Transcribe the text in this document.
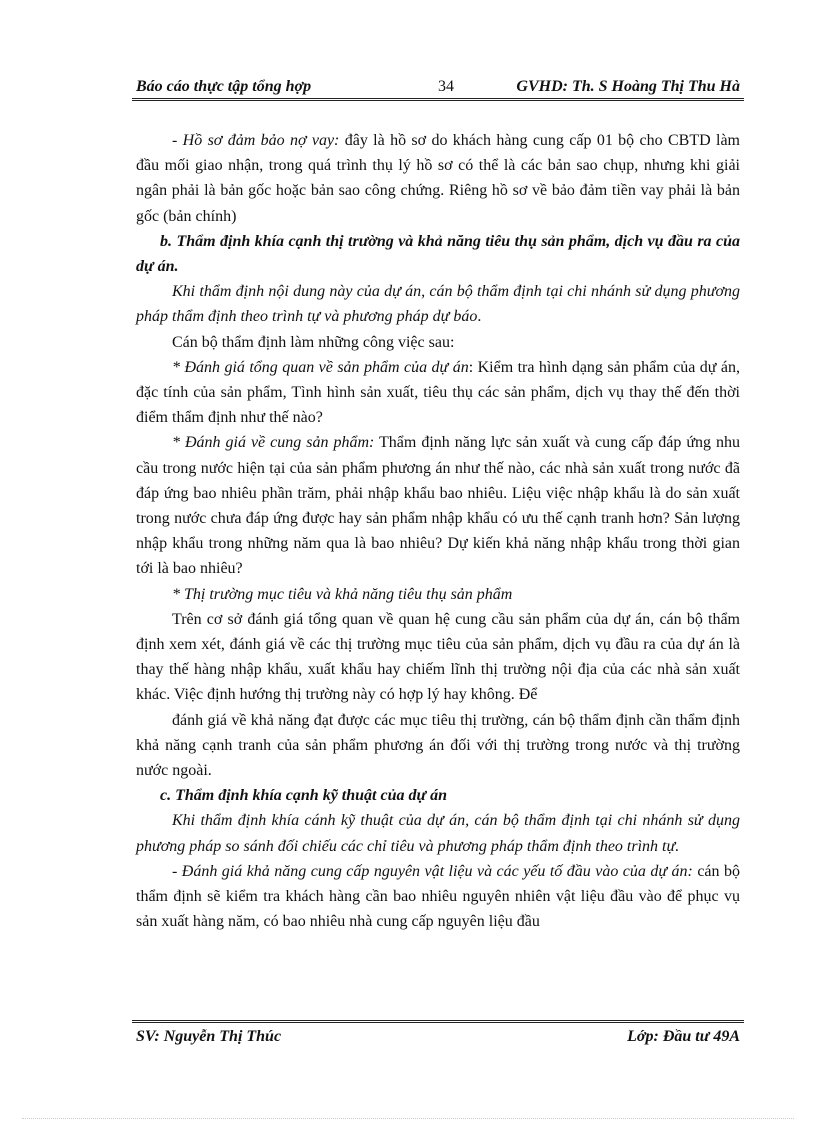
Báo cáo thực tập tổng hợp	34	GVHD: Th. S Hoàng Thị Thu Hà

- Hồ sơ đảm bảo nợ vay: đây là hồ sơ do khách hàng cung cấp 01 bộ cho CBTD làm đầu mối giao nhận, trong quá trình thụ lý hồ sơ có thể là các bản sao chụp, nhưng khi giải ngân phải là bản gốc hoặc bản sao công chứng. Riêng hồ sơ về bảo đảm tiền vay phải là bản gốc (bản chính)

b. Thẩm định khía cạnh thị trường và khả năng tiêu thụ sản phẩm, dịch vụ đầu ra của dự án.

Khi thẩm định nội dung này của dự án, cán bộ thẩm định tại chi nhánh sử dụng phương pháp thẩm định theo trình tự và phương pháp dự báo.

Cán bộ thẩm định làm những công việc sau:

* Đánh giá tổng quan về sản phẩm của dự án: Kiểm tra hình dạng sản phẩm của dự án, đặc tính của sản phẩm, Tình hình sản xuất, tiêu thụ các sản phẩm, dịch vụ thay thế đến thời điểm thẩm định như thế nào?

* Đánh giá về cung sản phẩm: Thẩm định năng lực sản xuất và cung cấp đáp ứng nhu cầu trong nước hiện tại của sản phẩm phương án như thế nào, các nhà sản xuất trong nước đã đáp ứng bao nhiêu phần trăm, phải nhập khẩu bao nhiêu. Liệu việc nhập khẩu là do sản xuất trong nước chưa đáp ứng được hay sản phẩm nhập khẩu có ưu thế cạnh tranh hơn? Sản lượng nhập khẩu trong những năm qua là bao nhiêu? Dự kiến khả năng nhập khẩu trong thời gian tới là bao nhiêu?

* Thị trường mục tiêu và khả năng tiêu thụ sản phẩm

Trên cơ sở đánh giá tổng quan về quan hệ cung cầu sản phẩm của dự án, cán bộ thẩm định xem xét, đánh giá về các thị trường mục tiêu của sản phẩm, dịch vụ đầu ra của dự án là thay thế hàng nhập khẩu, xuất khẩu hay chiếm lĩnh thị trường nội địa của các nhà sản xuất khác. Việc định hướng thị trường này có hợp lý hay không. Để

đánh giá về khả năng đạt được các mục tiêu thị trường, cán bộ thẩm định cần thẩm định khả năng cạnh tranh của sản phẩm phương án đối với thị trường trong nước và thị trường nước ngoài.

c. Thẩm định khía cạnh kỹ thuật của dự án

Khi thẩm định khía cánh kỹ thuật của dự án, cán bộ thẩm định tại chi nhánh sử dụng phương pháp so sánh đối chiếu các chỉ tiêu và phương pháp thẩm định theo trình tự.

- Đánh giá khả năng cung cấp nguyên vật liệu và các yếu tố đầu vào của dự án: cán bộ thẩm định sẽ kiểm tra khách hàng cần bao nhiêu nguyên nhiên vật liệu đầu vào để phục vụ sản xuất hàng năm, có bao nhiêu nhà cung cấp nguyên liệu đầu

SV: Nguyễn Thị Thúc	Lớp: Đầu tư 49A
